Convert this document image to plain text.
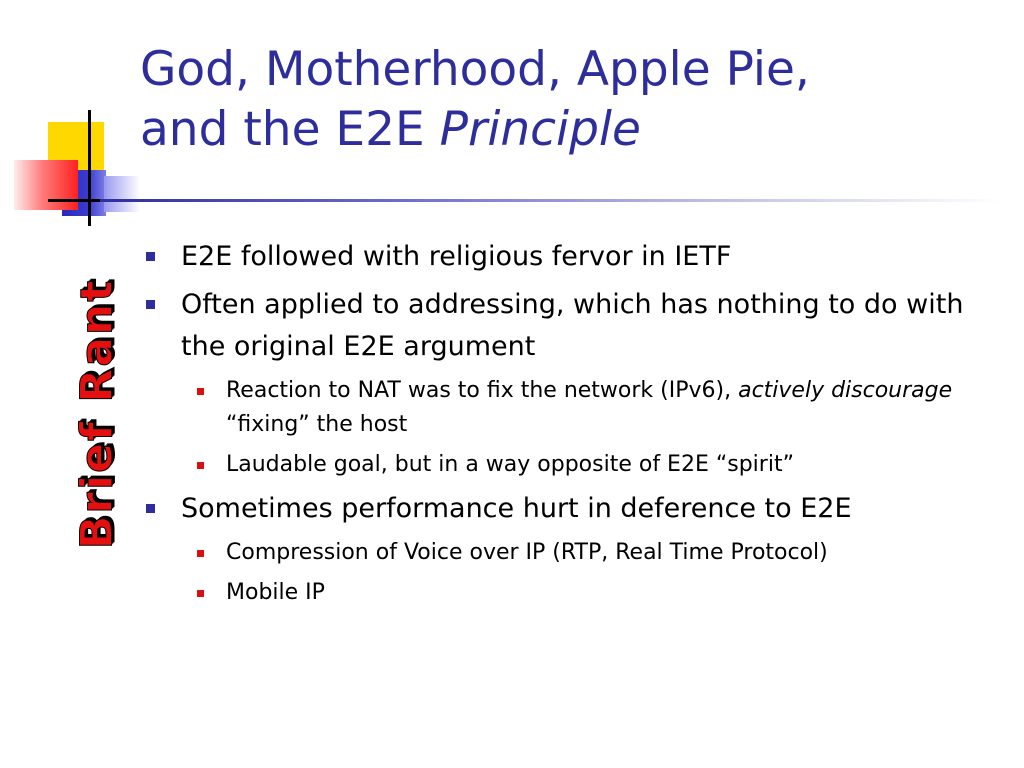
God, Motherhood, Apple Pie,
and the E2E Principle
Brief Rant
E2E followed with religious fervor in IETF
Often applied to addressing, which has nothing to do with the original E2E argument
Reaction to NAT was to fix the network (IPv6), actively discourage “fixing” the host
Laudable goal, but in a way opposite of E2E “spirit”
Sometimes performance hurt in deference to E2E
Compression of Voice over IP (RTP, Real Time Protocol)
Mobile IP
